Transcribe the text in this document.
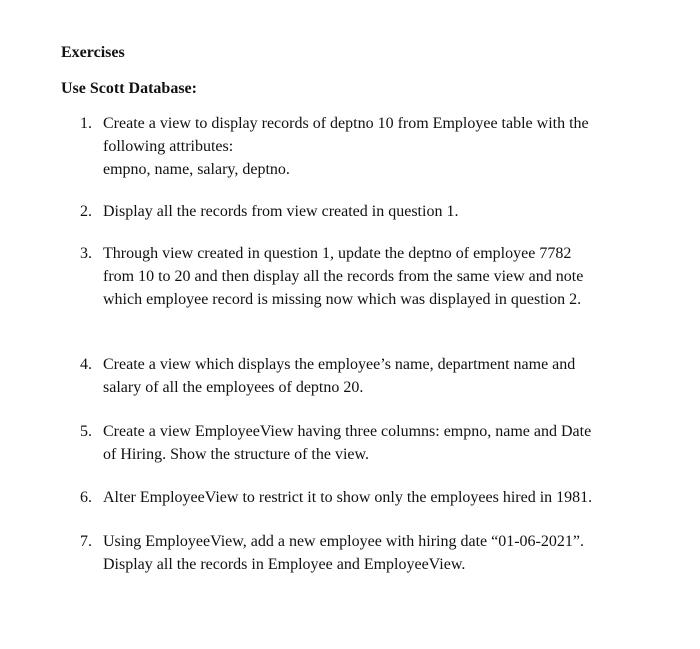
Exercises
Use Scott Database:
1. Create a view to display records of deptno 10 from Employee table with the
following attributes:
empno, name, salary, deptno.
2. Display all the records from view created in question 1.
3. Through view created in question 1, update the deptno of employee 7782
from 10 to 20 and then display all the records from the same view and note
which employee record is missing now which was displayed in question 2.
4. Create a view which displays the employee’s name, department name and
salary of all the employees of deptno 20.
5. Create a view EmployeeView having three columns: empno, name and Date
of Hiring. Show the structure of the view.
6. Alter EmployeeView to restrict it to show only the employees hired in 1981.
7. Using EmployeeView, add a new employee with hiring date “01-06-2021”.
Display all the records in Employee and EmployeeView.
